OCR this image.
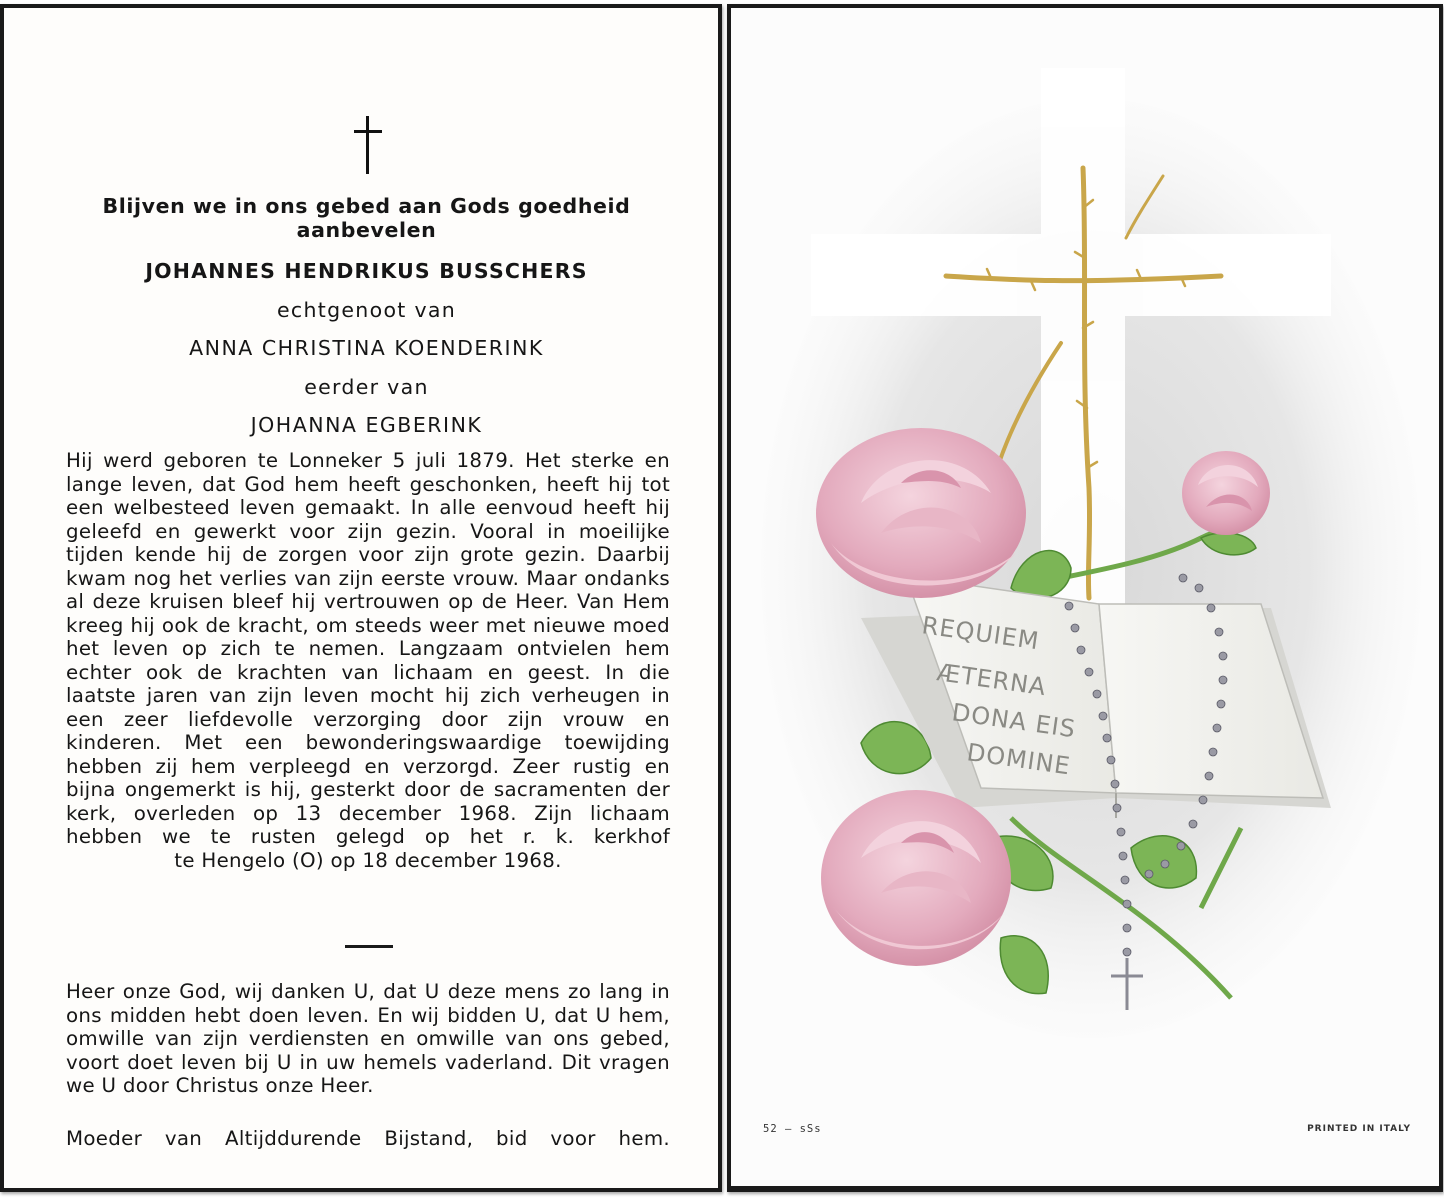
Blijven we in ons gebed aan Gods goedheid aanbevelen
JOHANNES HENDRIKUS BUSSCHERS
echtgenoot van
ANNA CHRISTINA KOENDERINK
eerder van
JOHANNA EGBERINK
Hij werd geboren te Lonneker 5 juli 1879. Het sterke en lange leven, dat God hem heeft geschonken, heeft hij tot een welbesteed leven gemaakt. In alle eenvoud heeft hij geleefd en gewerkt voor zijn gezin. Vooral in moeilijke tijden kende hij de zorgen voor zijn grote gezin. Daarbij kwam nog het verlies van zijn eerste vrouw. Maar ondanks al deze kruisen bleef hij vertrouwen op de Heer. Van Hem kreeg hij ook de kracht, om steeds weer met nieuwe moed het leven op zich te nemen. Langzaam ontvielen hem echter ook de krachten van lichaam en geest. In die laatste jaren van zijn leven mocht hij zich verheugen in een zeer liefdevolle verzorging door zijn vrouw en kinderen. Met een bewonderingswaardige toewijding hebben zij hem verpleegd en verzorgd. Zeer rustig en bijna ongemerkt is hij, gesterkt door de sacramenten der kerk, overleden op 13 december 1968. Zijn lichaam hebben we te rusten gelegd op het r. k. kerkhof
te Hengelo (O) op 18 december 1968.
Heer onze God, wij danken U, dat U deze mens zo lang in ons midden hebt doen leven. En wij bidden U, dat U hem, omwille van zijn verdiensten en omwille van ons gebed, voort doet leven bij U in uw hemels vaderland. Dit vragen we U door Christus onze Heer.
Moeder van Altijddurende Bijstand, bid voor hem.
REQUIEM
ÆTERNA
DONA EIS
DOMINE
52 — sSs	PRINTED IN ITALY
